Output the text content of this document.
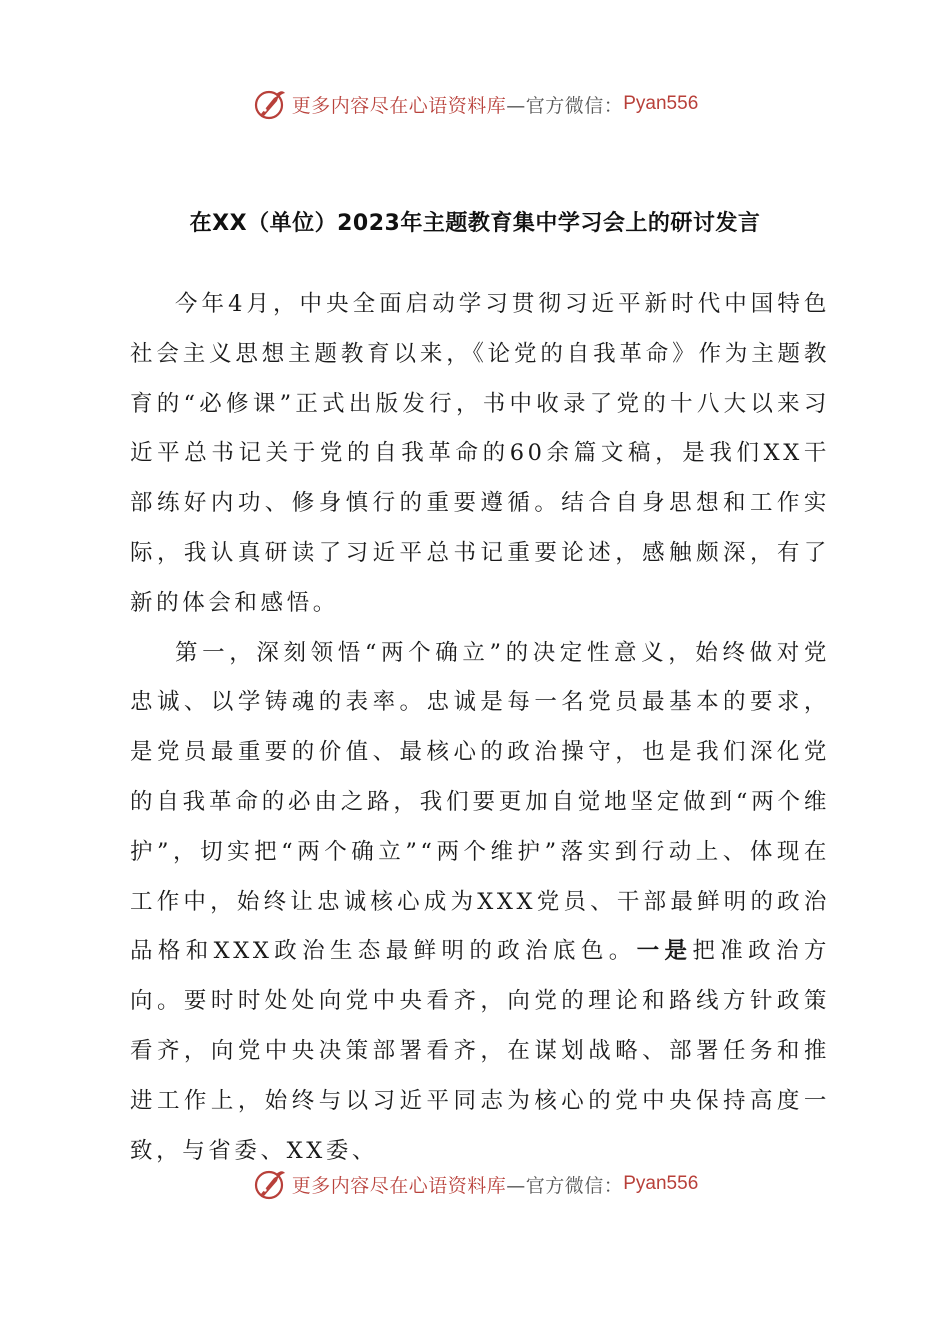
更多内容尽在心语资料库 —官方微信： Pyan556
在XX（单位）2023年主题教育集中学习会上的研讨发言

今年4月，中央全面启动学习贯彻习近平新时代中国特色社会主义思想主题教育以来，《论党的自我革命》作为主题教育的“必修课”正式出版发行，书中收录了党的十八大以来习近平总书记关于党的自我革命的60余篇文稿，是我们XX干部练好内功、修身慎行的重要遵循。结合自身思想和工作实际，我认真研读了习近平总书记重要论述，感触颇深，有了新的体会和感悟。

第一，深刻领悟“两个确立”的决定性意义，始终做对党忠诚、以学铸魂的表率。忠诚是每一名党员最基本的要求，是党员最重要的价值、最核心的政治操守，也是我们深化党的自我革命的必由之路，我们要更加自觉地坚定做到“两个维护”，切实把“两个确立”“两个维护”落实到行动上、体现在工作中，始终让忠诚核心成为XXX党员、干部最鲜明的政治品格和XXX政治生态最鲜明的政治底色。一是把准政治方向。要时时处处向党中央看齐，向党的理论和路线方针政策看齐，向党中央决策部署看齐，在谋划战略、部署任务和推进工作上，始终与以习近平同志为核心的党中央保持高度一致，与省委、XX委、

更多内容尽在心语资料库 —官方微信： Pyan556
